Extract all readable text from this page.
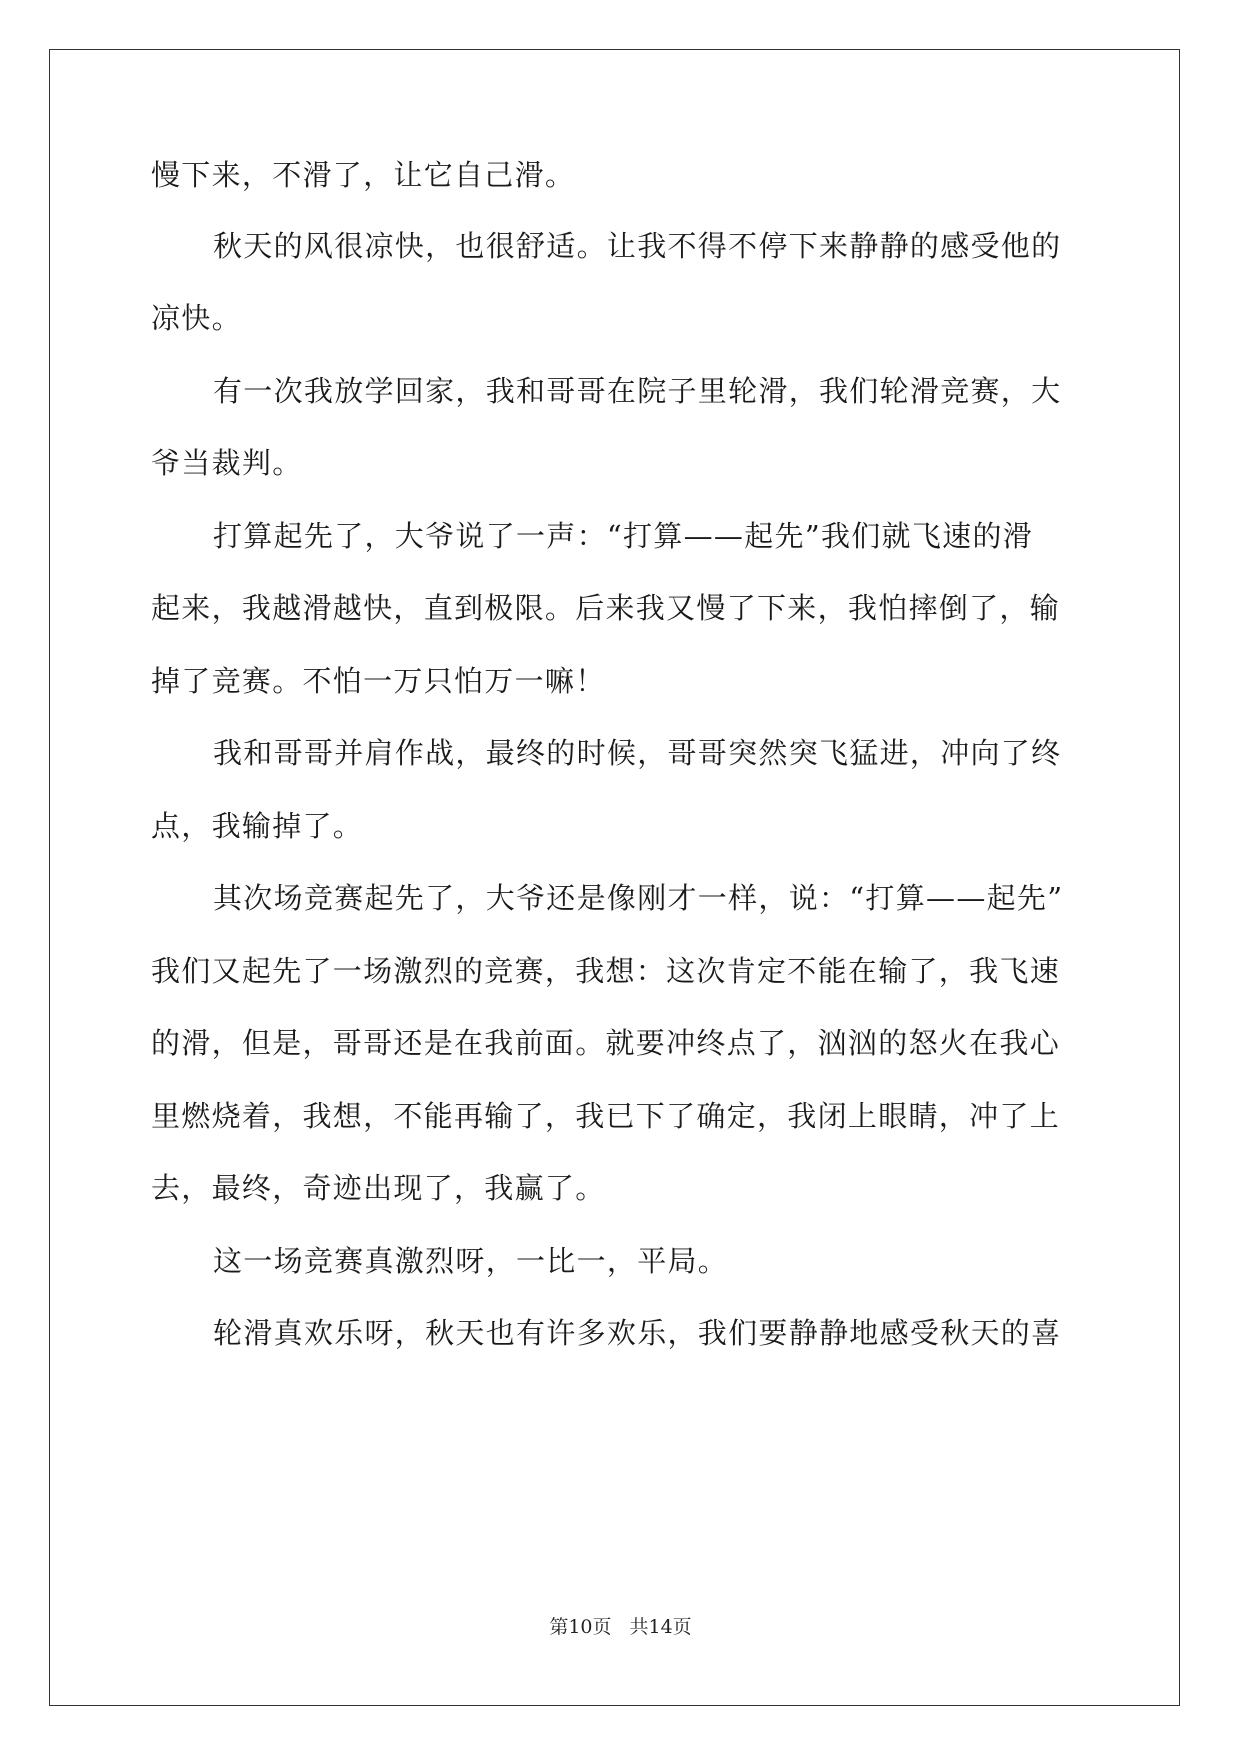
慢下来，不滑了，让它自己滑。
秋天的风很凉快，也很舒适。让我不得不停下来静静的感受他的
凉快。
有一次我放学回家，我和哥哥在院子里轮滑，我们轮滑竞赛，大
爷当裁判。
打算起先了，大爷说了一声：“打算——起先”我们就飞速的滑
起来，我越滑越快，直到极限。后来我又慢了下来，我怕摔倒了，输
掉了竞赛。不怕一万只怕万一嘛！
我和哥哥并肩作战，最终的时候，哥哥突然突飞猛进，冲向了终
点，我输掉了。
其次场竞赛起先了，大爷还是像刚才一样，说：“打算——起先”
我们又起先了一场激烈的竞赛，我想：这次肯定不能在输了，我飞速
的滑，但是，哥哥还是在我前面。就要冲终点了，汹汹的怒火在我心
里燃烧着，我想，不能再输了，我已下了确定，我闭上眼睛，冲了上
去，最终，奇迹出现了，我赢了。
这一场竞赛真激烈呀，一比一，平局。
轮滑真欢乐呀，秋天也有许多欢乐，我们要静静地感受秋天的喜
第10页 共14页
